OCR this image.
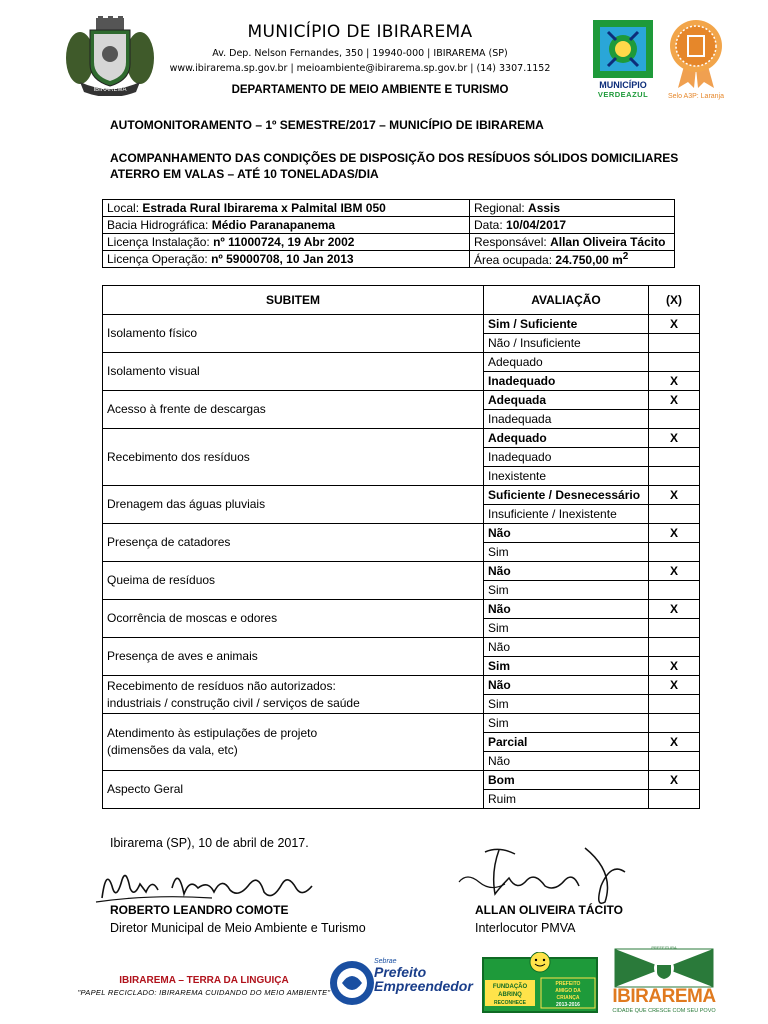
IBIRAREMA
MUNICÍPIO DE IBIRAREMA
Av. Dep. Nelson Fernandes, 350 | 19940-000 | IBIRAREMA (SP)
www.ibirarema.sp.gov.br | meioambiente@ibirarema.sp.gov.br | (14) 3307.1152
DEPARTAMENTO DE MEIO AMBIENTE E TURISMO	MUNICÍPIO
VERDEAZUL	Selo A3P: Laranja
AUTOMONITORAMENTO – 1º SEMESTRE/2017 – MUNICÍPIO DE IBIRAREMA
ACOMPANHAMENTO DAS CONDIÇÕES DE DISPOSIÇÃO DOS RESÍDUOS SÓLIDOS DOMICILIARES
ATERRO EM VALAS – ATÉ 10 TONELADAS/DIA
Local: Estrada Rural Ibirarema x Palmital IBM 050	Regional: Assis
Bacia Hidrográfica: Médio Paranapanema	Data: 10/04/2017
Licença Instalação: nº 11000724, 19 Abr 2002	Responsável: Allan Oliveira Tácito
Licença Operação: nº 59000708, 10 Jan 2013	Área ocupada: 24.750,00 $m^2$
SUBITEM	AVALIAÇÃO	(X)
Isolamento físico	Sim / Suficiente	X
	Não / Insuficiente	
Isolamento visual	Adequado	
	Inadequado	X
Acesso à frente de descargas	Adequada	X
	Inadequada	
Recebimento dos resíduos	Adequado	X
	Inadequado	
	Inexistente	
Drenagem das águas pluviais	Suficiente / Desnecessário	X
	Insuficiente / Inexistente	
Presença de catadores	Não	X
	Sim	
Queima de resíduos	Não	X
	Sim	
Ocorrência de moscas e odores	Não	X
	Sim	
Presença de aves e animais	Não	
	Sim	X

Recebimento de resíduos não autorizados:
industriais / construção civil / serviços de saúde	Não	X
	Sim	

Atendimento às estipulações de projeto
(dimensões da vala, etc)	Sim	
	Parcial	X
	Não	
Aspecto Geral	Bom	X
	Ruim	
Ibirarema (SP), 10 de abril de 2017.
ROBERTO LEANDRO COMOTE
Diretor Municipal de Meio Ambiente e Turismo
ALLAN OLIVEIRA TÁCITO
Interlocutor PMVA
IBIRAREMA – TERRA DA LINGUIÇA
"PAPEL RECICLADO: IBIRAREMA CUIDANDO DO MEIO AMBIENTE"
Sebrae
Prefeito
Empreendedor	FUNDAÇÃO
ABRINQ
RECONHECE
PREFEITO
AMIGO DA
CRIANÇA
2013-2016
PREFEITURA
IBIRAREMA
CIDADE QUE CRESCE COM SEU POVO
